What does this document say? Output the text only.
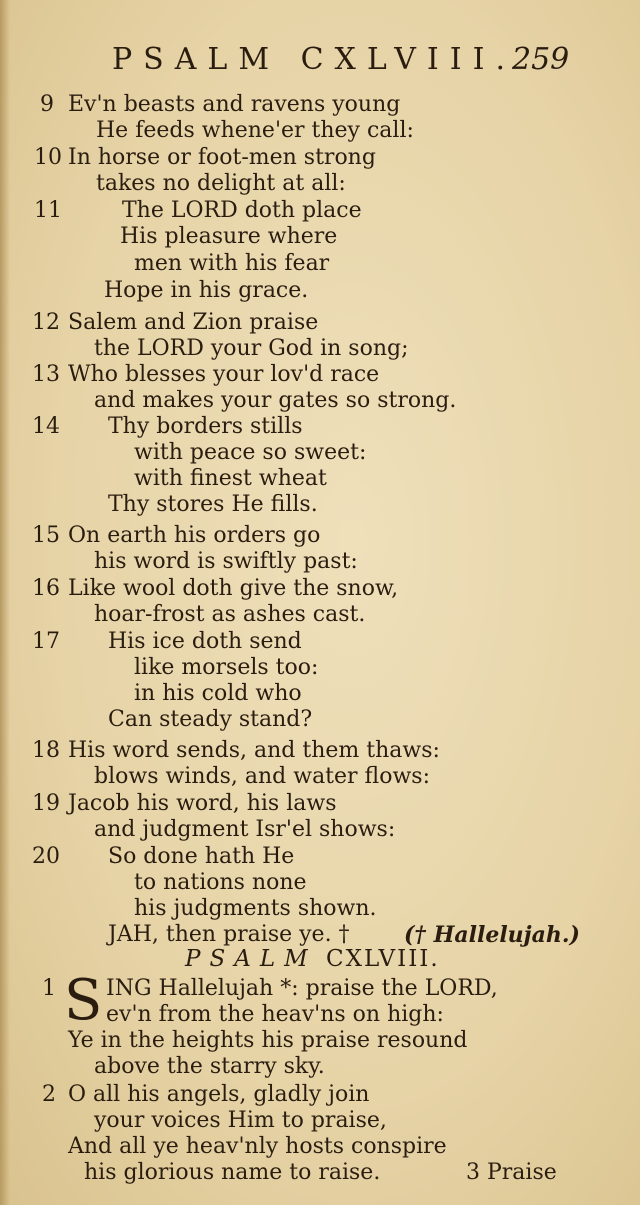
PSALM CXLVIII.
259
9 Ev'n beasts and ravens young
He feeds whene'er they call:
10 In horse or foot-men strong
takes no delight at all:
11	The LORD doth place
His pleasure where
men with his fear
Hope in his grace.
12 Salem and Zion praise
the LORD your God in song;
13 Who blesses your lov'd race
and makes your gates so strong.
14 Thy borders stills
with peace so sweet:
with finest wheat
Thy stores He fills.
15 On earth his orders go
his word is swiftly past:
16 Like wool doth give the snow,
hoar-frost as ashes cast.
17 His ice doth send
like morsels too:
in his cold who
Can steady stand?
18 His word sends, and them thaws:
blows winds, and water flows:
19 Jacob his word, his laws
and judgment Isr'el shows:
20 So done hath He
to nations none
his judgments shown.
JAH, then praise ye. † († Hallelujah.)
PSALM CXLVIII.
1 S ING Hallelujah *: praise the LORD,
ev'n from the heav'ns on high:
Ye in the heights his praise resound
above the starry sky.
2 O all his angels, gladly join
your voices Him to praise,
And all ye heav'nly hosts conspire
his glorious name to raise.	3 Praise
